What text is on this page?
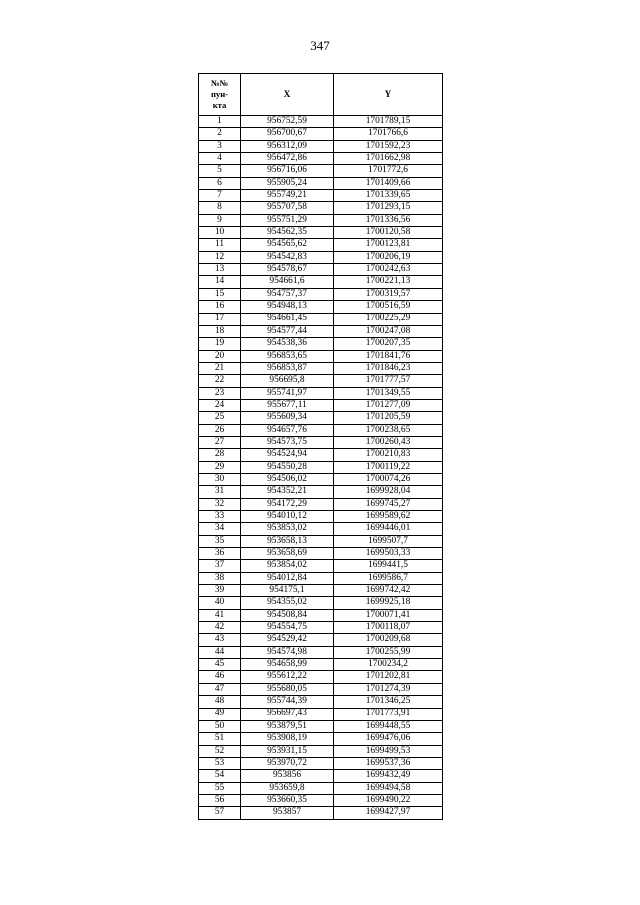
347
№№
пун-
кта	X	Y
1	956752,59	1701789,15
2	956700,67	1701766,6
3	956312,09	1701592,23
4	956472,86	1701662,98
5	956716,06	1701772,6
6	955905,24	1701409,66
7	955749,21	1701339,65
8	955707,58	1701293,15
9	955751,29	1701336,56
10	954562,35	1700120,58
11	954565,62	1700123,81
12	954542,83	1700206,19
13	954578,67	1700242,63
14	954661,6	1700221,13
15	954757,37	1700319,57
16	954948,13	1700516,59
17	954661,45	1700225,29
18	954577,44	1700247,08
19	954538,36	1700207,35
20	956853,65	1701841,76
21	956853,87	1701846,23
22	956695,8	1701777,57
23	955741,97	1701349,55
24	955677,11	1701277,09
25	955609,34	1701205,59
26	954657,76	1700238,65
27	954573,75	1700260,43
28	954524,94	1700210,83
29	954550,28	1700119,22
30	954506,02	1700074,26
31	954352,21	1699928,04
32	954172,29	1699745,27
33	954010,12	1699589,62
34	953853,02	1699446,01
35	953658,13	1699507,7
36	953658,69	1699503,33
37	953854,02	1699441,5
38	954012,84	1699586,7
39	954175,1	1699742,42
40	954355,02	1699925,18
41	954508,84	1700071,41
42	954554,75	1700118,07
43	954529,42	1700209,68
44	954574,98	1700255,99
45	954658,99	1700234,2
46	955612,22	1701202,81
47	955680,05	1701274,39
48	955744,39	1701346,25
49	956697,43	1701773,91
50	953879,51	1699448,55
51	953908,19	1699476,06
52	953931,15	1699499,53
53	953970,72	1699537,36
54	953856	1699432,49
55	953659,8	1699494,58
56	953660,35	1699490,22
57	953857	1699427,97
